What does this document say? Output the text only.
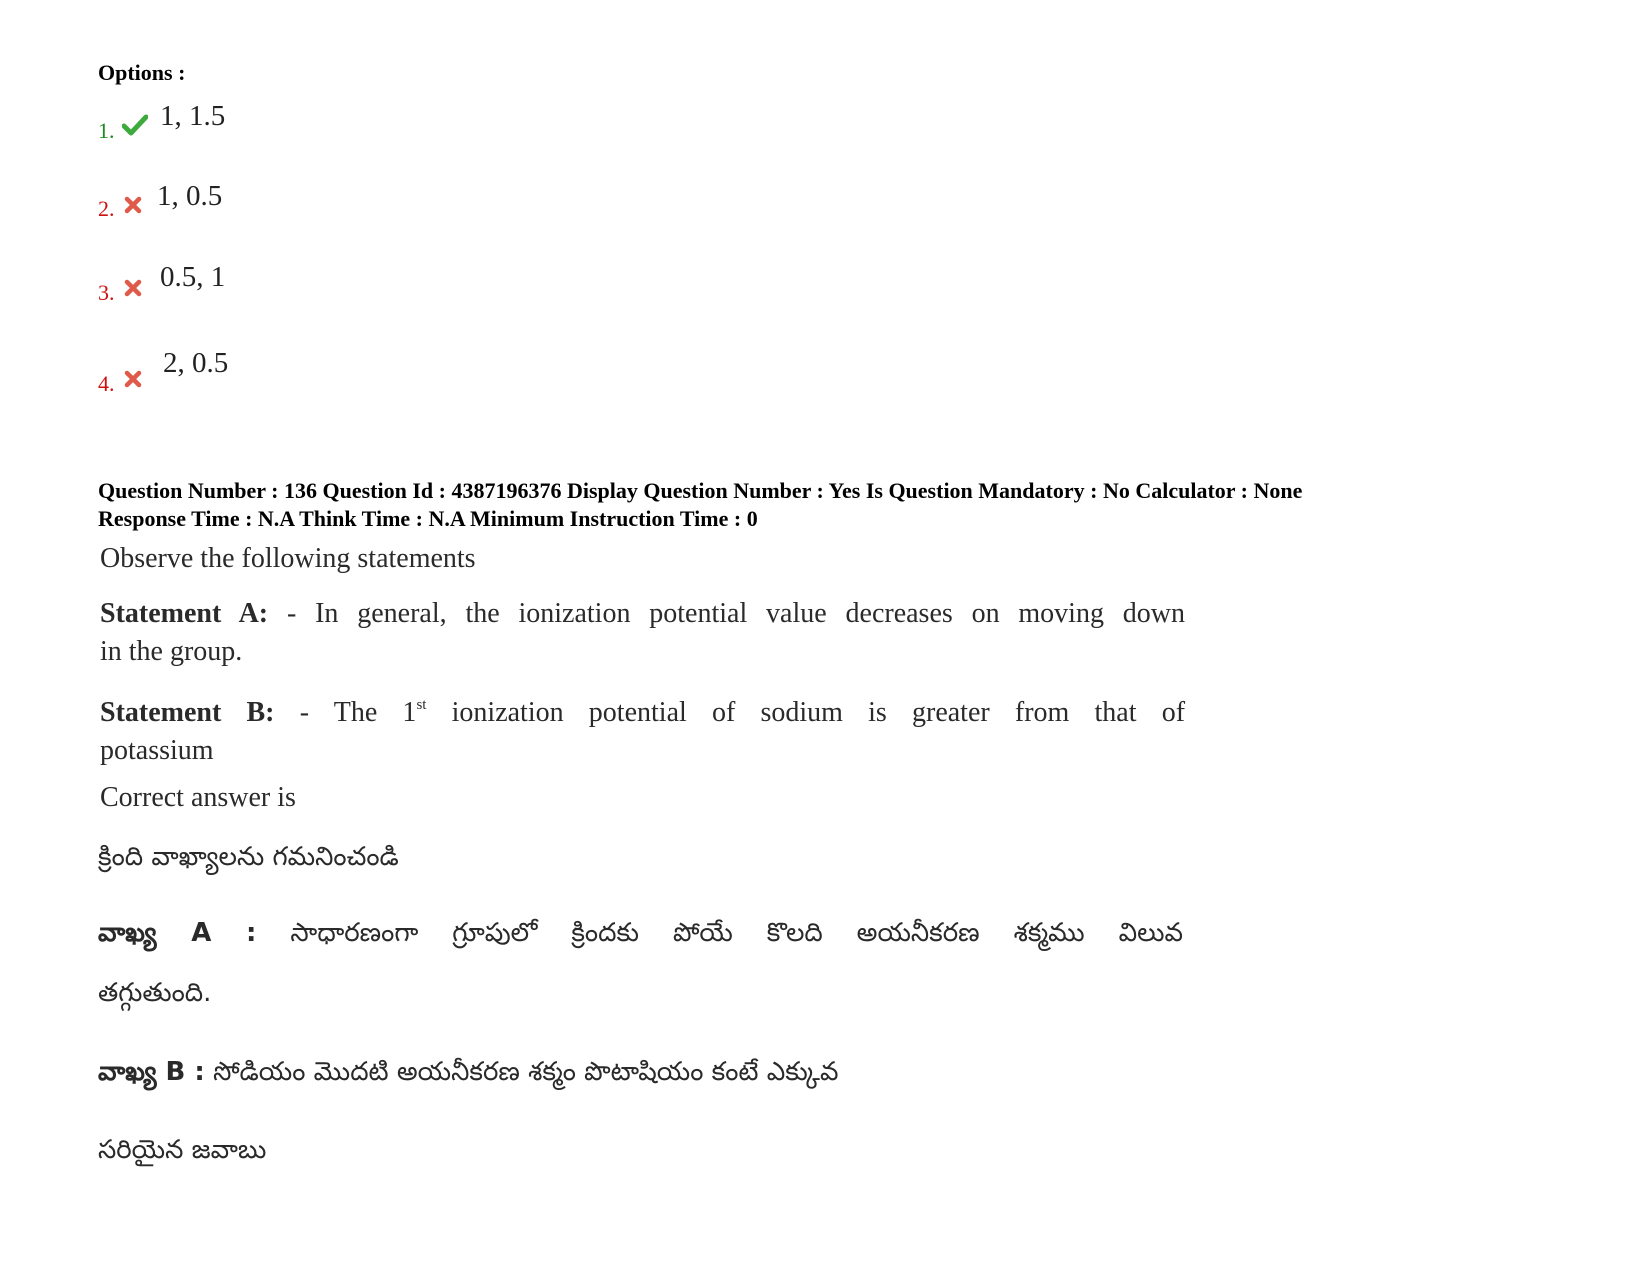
Options :
1. 1, 1.5
2. 1, 0.5
3. 0.5, 1
4.
2, 0.5
Question Number : 136 Question Id : 4387196376 Display Question Number : Yes Is Question Mandatory : No Calculator : None
Response Time : N.A Think Time : N.A Minimum Instruction Time : 0
Observe the following statements
Statement A: - In general, the ionization potential value decreases on moving down
in the group.
Statement B: - The 1st ionization potential of sodium is greater from that of
potassium
Correct answer is
క్రింది వాఖ్యాలను గమనించండి
వాఖ్య A : సాధారణంగా గ్రూపులో క్రిందకు పోయే కొలది అయనీకరణ శక్మము విలువ
తగ్గుతుంది.
వాఖ్య B : సోడియం మొదటి అయనీకరణ శక్మం పొటాషియం కంటే ఎక్కువ
సరియైన జవాబు
